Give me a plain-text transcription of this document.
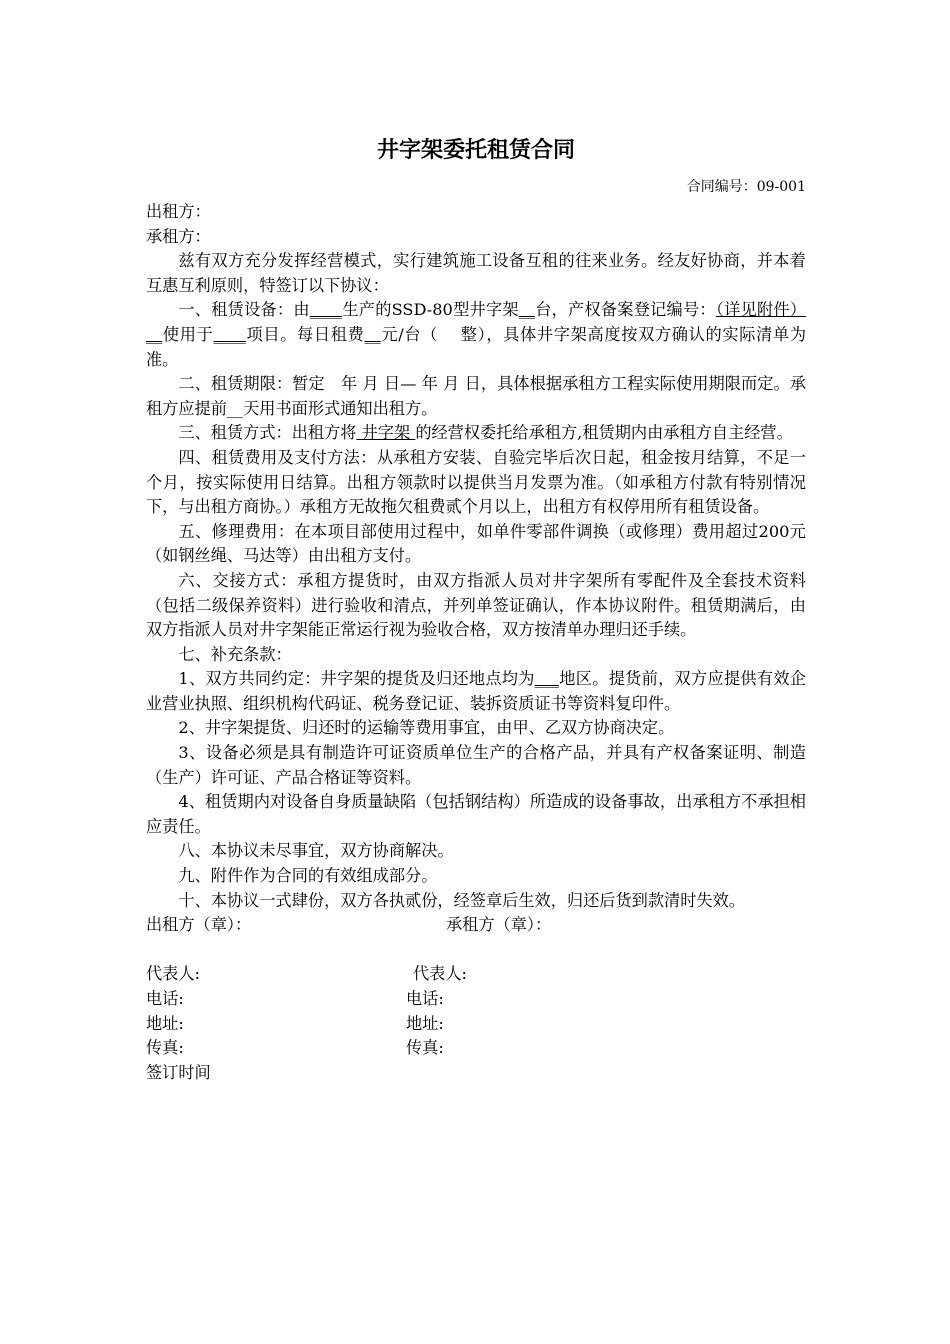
井字架委托租赁合同
合同编号：09-001

出租方：

承租方：

兹有双方充分发挥经营模式，实行建筑施工设备互租的往来业务。经友好协商，并本着互惠互利原则，特签订以下协议：

一、租赁设备：由____生产的SSD-80型井字架__台，产权备案登记编号：（详见附件）__使用于____项目。每日租费__元/台（　 整），具体井字架高度按双方确认的实际清单为准。

二、租赁期限：暂定　年 月 日— 年 月 日，具体根据承租方工程实际使用期限而定。承租方应提前__天用书面形式通知出租方。

三、租赁方式：出租方将 井字架 的经营权委托给承租方,租赁期内由承租方自主经营。

四、租赁费用及支付方法：从承租方安装、自验完毕后次日起，租金按月结算，不足一个月，按实际使用日结算。出租方领款时以提供当月发票为准。（如承租方付款有特别情况下，与出租方商协。）承租方无故拖欠租费贰个月以上，出租方有权停用所有租赁设备。

五、修理费用：在本项目部使用过程中，如单件零部件调换（或修理）费用超过200元（如钢丝绳、马达等）由出租方支付。

六、交接方式：承租方提货时，由双方指派人员对井字架所有零配件及全套技术资料（包括二级保养资料）进行验收和清点，并列单签证确认，作本协议附件。租赁期满后，由双方指派人员对井字架能正常运行视为验收合格，双方按清单办理归还手续。

七、补充条款：

1、双方共同约定：井字架的提货及归还地点均为___地区。提货前，双方应提供有效企业营业执照、组织机构代码证、税务登记证、装拆资质证书等资料复印件。

2、井字架提货、归还时的运输等费用事宜，由甲、乙双方协商决定。

3、设备必须是具有制造许可证资质单位生产的合格产品，并具有产权备案证明、制造（生产）许可证、产品合格证等资料。

4、租赁期内对设备自身质量缺陷（包括钢结构）所造成的设备事故，出承租方不承担相应责任。

八、本协议未尽事宜，双方协商解决。

九、附件作为合同的有效组成部分。

十、本协议一式肆份，双方各执贰份，经签章后生效，归还后货到款清时失效。

出租方（章）：	承租方（章）：
代表人:	代表人:
电话:	电话:
地址:	地址:
传真:	传真:
签订时间
